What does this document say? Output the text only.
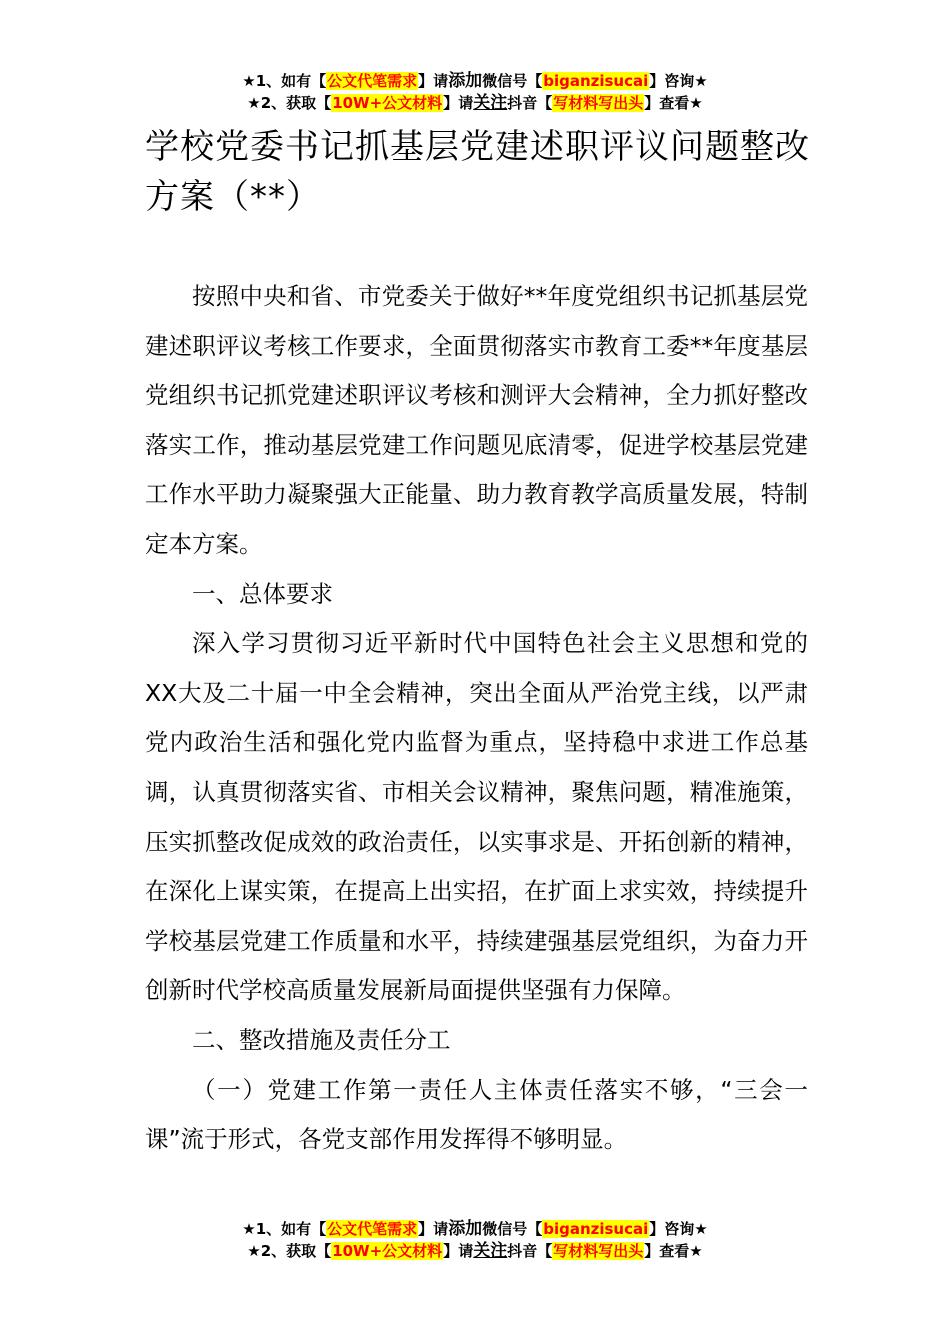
★1、如有【公文代笔需求】请添加微信号【biganzisucai】咨询★
★2、获取【10W+公文材料】请关注抖音【写材料写出头】查看★
学校党委书记抓基层党建述职评议问题整改方案（**）

按照中央和省、市党委关于做好**年度党组织书记抓基层党建述职评议考核工作要求，全面贯彻落实市教育工委**年度基层党组织书记抓党建述职评议考核和测评大会精神，全力抓好整改落实工作，推动基层党建工作问题见底清零，促进学校基层党建工作水平助力凝聚强大正能量、助力教育教学高质量发展，特制定本方案。

一、总体要求

深入学习贯彻习近平新时代中国特色社会主义思想和党的XX大及二十届一中全会精神，突出全面从严治党主线，以严肃党内政治生活和强化党内监督为重点，坚持稳中求进工作总基调，认真贯彻落实省、市相关会议精神，聚焦问题，精准施策，压实抓整改促成效的政治责任，以实事求是、开拓创新的精神，在深化上谋实策，在提高上出实招，在扩面上求实效，持续提升学校基层党建工作质量和水平，持续建强基层党组织，为奋力开创新时代学校高质量发展新局面提供坚强有力保障。

二、整改措施及责任分工

（一）党建工作第一责任人主体责任落实不够，“三会一课”流于形式，各党支部作用发挥得不够明显。

★1、如有【公文代笔需求】请添加微信号【biganzisucai】咨询★
★2、获取【10W+公文材料】请关注抖音【写材料写出头】查看★
